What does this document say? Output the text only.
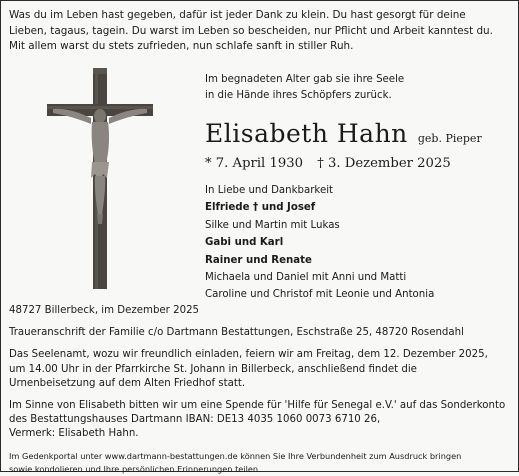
Was du im Leben hast gegeben, dafür ist jeder Dank zu klein. Du hast gesorgt für deine
Lieben, tagaus, tagein. Du warst im Leben so bescheiden, nur Pflicht und Arbeit kanntest du.
Mit allem warst du stets zufrieden, nun schlafe sanft in stiller Ruh.
Im begnadeten Alter gab sie ihre Seele
in die Hände ihres Schöpfers zurück.
Elisabeth Hahn geb. Pieper
* 7. April 1930 † 3. Dezember 2025
In Liebe und Dankbarkeit
Elfriede † und Josef
Silke und Martin mit Lukas
Gabi und Karl
Rainer und Renate
Michaela und Daniel mit Anni und Matti
Caroline und Christof mit Leonie und Antonia
48727 Billerbeck, im Dezember 2025
Traueranschrift der Familie c/o Dartmann Bestattungen, Eschstraße 25, 48720 Rosendahl
Das Seelenamt, wozu wir freundlich einladen, feiern wir am Freitag, dem 12. Dezember 2025,
um 14.00 Uhr in der Pfarrkirche St. Johann in Billerbeck, anschließend findet die
Urnenbeisetzung auf dem Alten Friedhof statt.
Im Sinne von Elisabeth bitten wir um eine Spende für 'Hilfe für Senegal e.V.' auf das Sonderkonto
des Bestattungshauses Dartmann IBAN: DE13 4035 1060 0073 6710 26,
Vermerk: Elisabeth Hahn.
Im Gedenkportal unter www.dartmann-bestattungen.de können Sie Ihre Verbundenheit zum Ausdruck bringen
sowie kondolieren und Ihre persönlichen Erinnerungen teilen.
